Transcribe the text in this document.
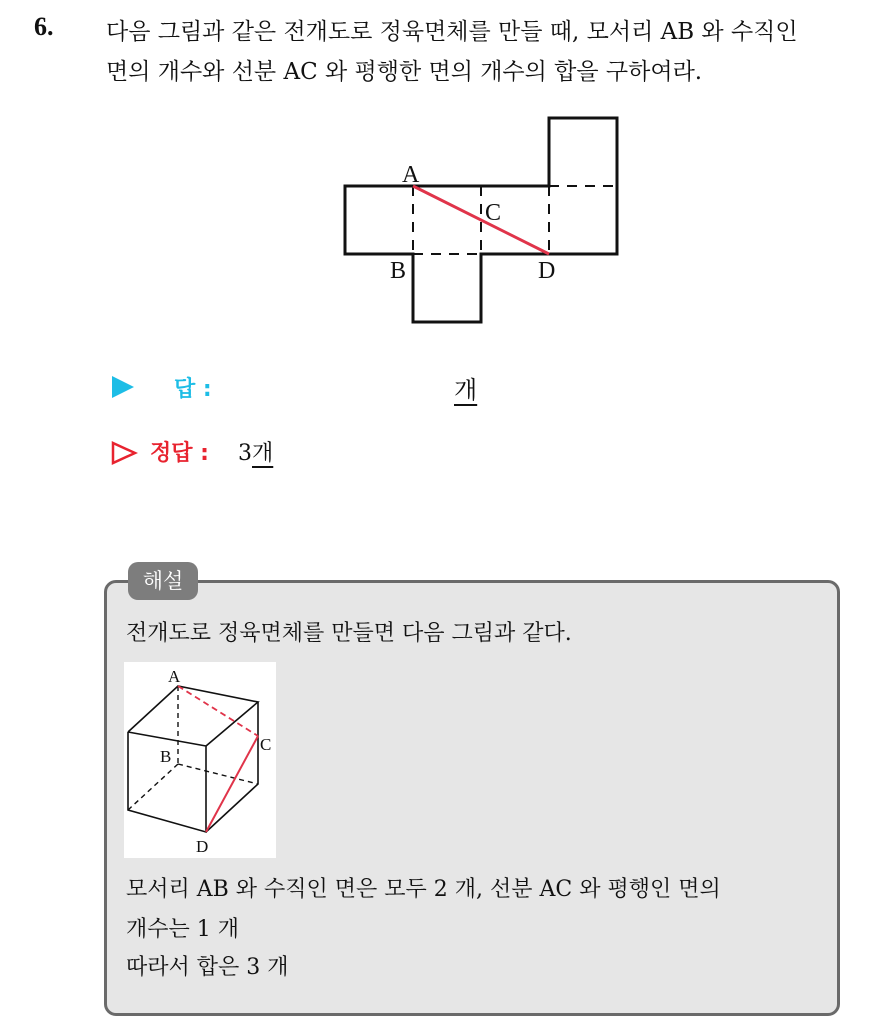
6. 다음 그림과 같은 전개도로 정육면체를 만들 때, 모서리 AB 와 수직인
면의 개수와 선분 AC 와 평행한 면의 개수의 합을 구하여라.
A
C
B	D
답 :	개
정답 : 3개
해설
전개도로 정육면체를 만들면 다음 그림과 같다.
A
B
C
D
모서리 AB 와 수직인 면은 모두 2 개, 선분 AC 와 평행인 면의
개수는 1 개
따라서 합은 3 개
